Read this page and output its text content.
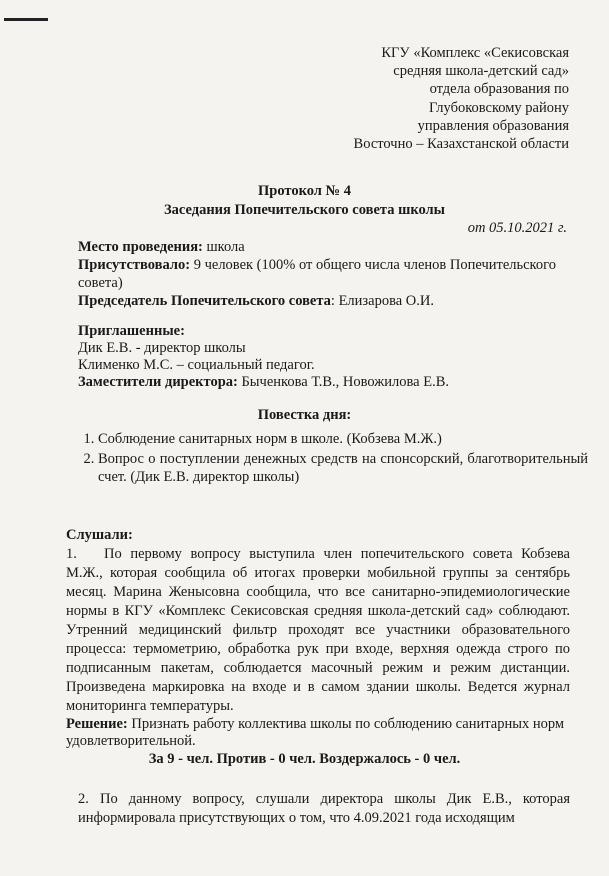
КГУ «Комплекс «Секисовская
средняя школа-детский сад»
отдела образования по
Глубоковскому району
управления образования
Восточно – Казахстанской области
Протокол № 4
Заседания Попечительского совета школы
от 05.10.2021 г.
Место проведения: школа
Присутствовало: 9 человек (100% от общего числа членов Попечительского совета)
Председатель Попечительского совета: Елизарова О.И.
Приглашенные:
Дик Е.В. - директор школы
Клименко М.С. – социальный педагог.
Заместители директора: Быченкова Т.В., Новожилова Е.В.
Повестка дня:
1. Соблюдение санитарных норм в школе. (Кобзева М.Ж.)
2. Вопрос о поступлении денежных средств на спонсорский, благотворительный счет. (Дик Е.В. директор школы)
Слушали:
1. По первому вопросу выступила член попечительского совета Кобзева М.Ж., которая сообщила об итогах проверки мобильной группы за сентябрь месяц. Марина Женысовна сообщила, что все санитарно-эпидемиологические нормы в КГУ «Комплекс Секисовская средняя школа-детский сад» соблюдают. Утренний медицинский фильтр проходят все участники образовательного процесса: термометрию, обработка рук при входе, верхняя одежда строго по подписанным пакетам, соблюдается масочный режим и режим дистанции. Произведена маркировка на входе и в самом здании школы. Ведется журнал мониторинга температуры.
Решение: Признать работу коллектива школы по соблюдению санитарных норм удовлетворительной.
За 9 - чел. Против - 0 чел. Воздержалось - 0 чел.
2. По данному вопросу, слушали директора школы Дик Е.В., которая информировала присутствующих о том, что 4.09.2021 года исходящим
